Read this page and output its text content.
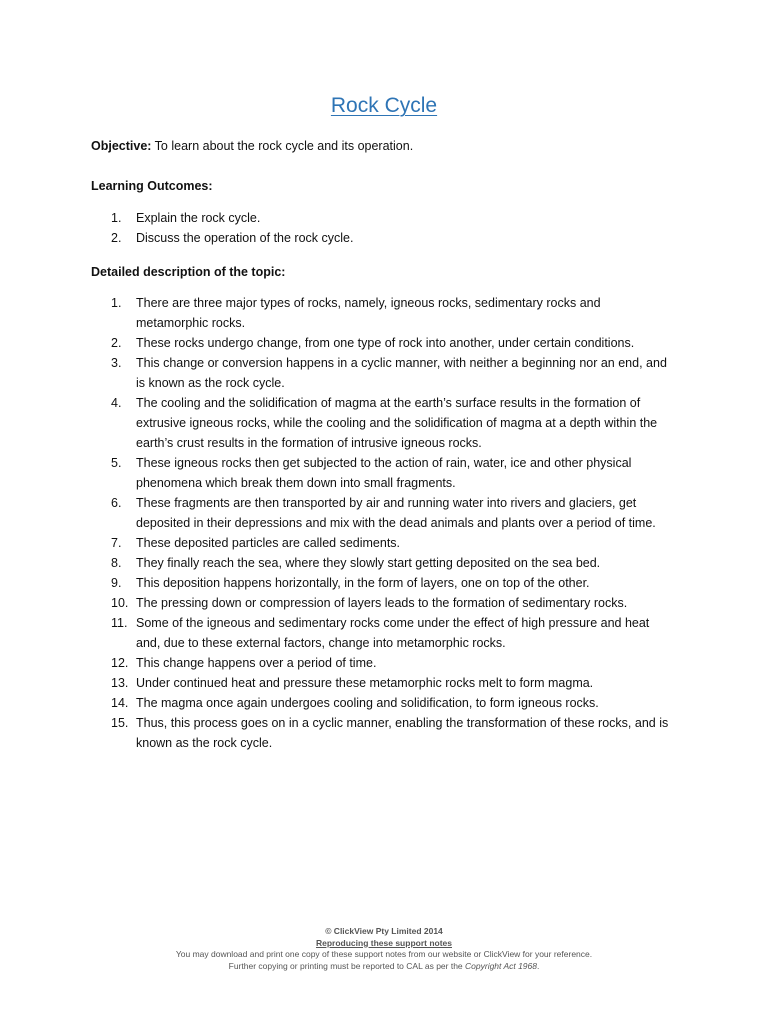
Rock Cycle
Objective: To learn about the rock cycle and its operation.
Learning Outcomes:
1.	Explain the rock cycle.
2.	Discuss the operation of the rock cycle.
Detailed description of the topic:
1.	There are three major types of rocks, namely, igneous rocks, sedimentary rocks and metamorphic rocks.
2.	These rocks undergo change, from one type of rock into another, under certain conditions.
3.	This change or conversion happens in a cyclic manner, with neither a beginning nor an end, and is known as the rock cycle.
4.	The cooling and the solidification of magma at the earth’s surface results in the formation of extrusive igneous rocks, while the cooling and the solidification of magma at a depth within the earth’s crust results in the formation of intrusive igneous rocks.
5.	These igneous rocks then get subjected to the action of rain, water, ice and other physical phenomena which break them down into small fragments.
6.	These fragments are then transported by air and running water into rivers and glaciers, get deposited in their depressions and mix with the dead animals and plants over a period of time.
7.	These deposited particles are called sediments.
8.	They finally reach the sea, where they slowly start getting deposited on the sea bed.
9.	This deposition happens horizontally, in the form of layers, one on top of the other.
10. The pressing down or compression of layers leads to the formation of sedimentary rocks.
11. Some of the igneous and sedimentary rocks come under the effect of high pressure and heat and, due to these external factors, change into metamorphic rocks.
12. This change happens over a period of time.
13. Under continued heat and pressure these metamorphic rocks melt to form magma.
14. The magma once again undergoes cooling and solidification, to form igneous rocks.
15. Thus, this process goes on in a cyclic manner, enabling the transformation of these rocks, and is known as the rock cycle.
© ClickView Pty Limited 2014
Reproducing these support notes
You may download and print one copy of these support notes from our website or ClickView for your reference.
Further copying or printing must be reported to CAL as per the Copyright Act 1968.
